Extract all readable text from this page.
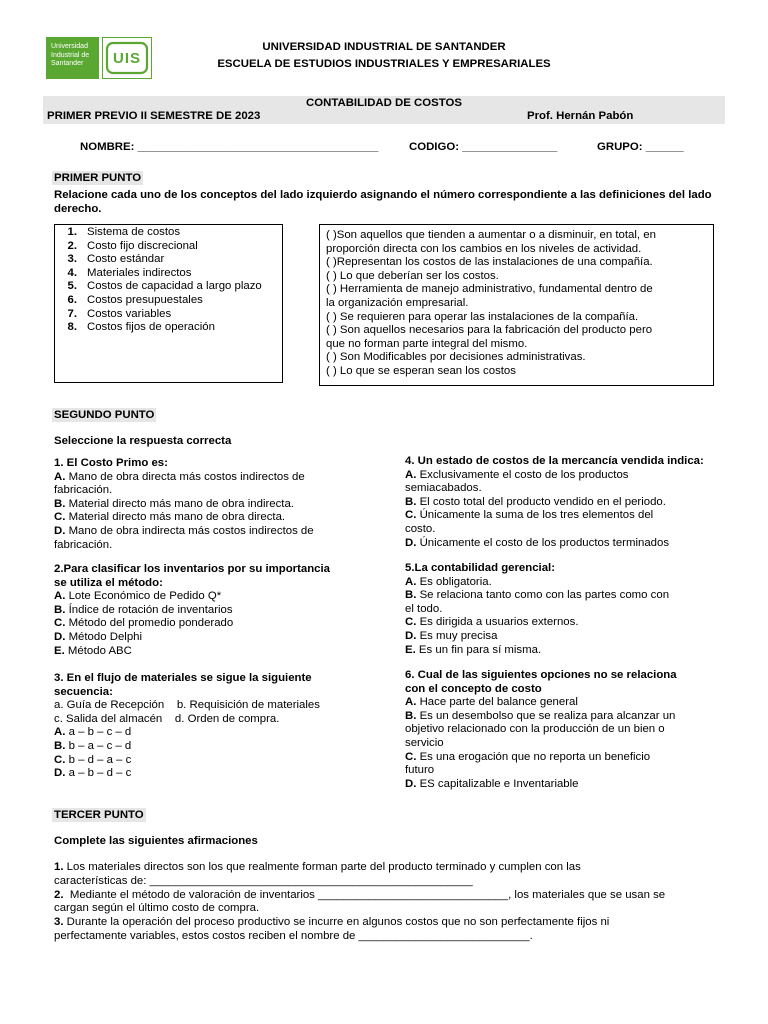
Universidad
Industrial de
Santander	UIS
UNIVERSIDAD INDUSTRIAL DE SANTANDER
ESCUELA DE ESTUDIOS INDUSTRIALES Y EMPRESARIALES
CONTABILIDAD DE COSTOS
PRIMER PREVIO II SEMESTRE DE 2023	Prof. Hernán Pabón
NOMBRE: ______________________________________	CODIGO: _______________	GRUPO: ______
PRIMER PUNTO
Relacione cada uno de los conceptos del lado izquierdo asignando el número correspondiente a las definiciones del lado derecho.
1. Sistema de costos
2. Costo fijo discrecional
3. Costo estándar
4. Materiales indirectos
5. Costos de capacidad a largo plazo
6. Costos presupuestales
7. Costos variables
8. Costos fijos de operación
( )Son aquellos que tienden a aumentar o a disminuir, en total, en
proporción directa con los cambios en los niveles de actividad.
( )Representan los costos de las instalaciones de una compañía.
( ) Lo que deberían ser los costos.
( ) Herramienta de manejo administrativo, fundamental dentro de
la organización empresarial.
( ) Se requieren para operar las instalaciones de la compañía.
( ) Son aquellos necesarios para la fabricación del producto pero
que no forman parte integral del mismo.
( ) Son Modificables por decisiones administrativas.
( ) Lo que se esperan sean los costos
SEGUNDO PUNTO
Seleccione la respuesta correcta
1. El Costo Primo es:
A. Mano de obra directa más costos indirectos de
fabricación.
B. Material directo más mano de obra indirecta.
C. Material directo más mano de obra directa.
D. Mano de obra indirecta más costos indirectos de
fabricación.
2.Para clasificar los inventarios por su importancia
se utiliza el método:
A. Lote Económico de Pedido Q*
B. Índice de rotación de inventarios
C. Método del promedio ponderado
D. Método Delphi
E. Método ABC
3. En el flujo de materiales se sigue la siguiente
secuencia:
a. Guía de Recepción    b. Requisición de materiales
c. Salida del almacén    d. Orden de compra.
A. a – b – c – d
B. b – a – c – d
C. b – d – a – c
D. a – b – d – c
4. Un estado de costos de la mercancía vendida indica:
A. Exclusivamente el costo de los productos
semiacabados.
B. El costo total del producto vendido en el periodo.
C. Únicamente la suma de los tres elementos del
costo.
D. Únicamente el costo de los productos terminados
5.La contabilidad gerencial:
A. Es obligatoria.
B. Se relaciona tanto como con las partes como con
el todo.
C. Es dirigida a usuarios externos.
D. Es muy precisa
E. Es un fin para sí misma.
6. Cual de las siguientes opciones no se relaciona
con el concepto de costo
A. Hace parte del balance general
B. Es un desembolso que se realiza para alcanzar un
objetivo relacionado con la producción de un bien o
servicio
C. Es una erogación que no reporta un beneficio
futuro
D. ES capitalizable e Inventariable
TERCER PUNTO
Complete las siguientes afirmaciones
1. Los materiales directos son los que realmente forman parte del producto terminado y cumplen con las
características de: ___________________________________________________
2.  Mediante el método de valoración de inventarios ______________________________, los materiales que se usan se
cargan según el último costo de compra.
3. Durante la operación del proceso productivo se incurre en algunos costos que no son perfectamente fijos ni
perfectamente variables, estos costos reciben el nombre de ___________________________.
